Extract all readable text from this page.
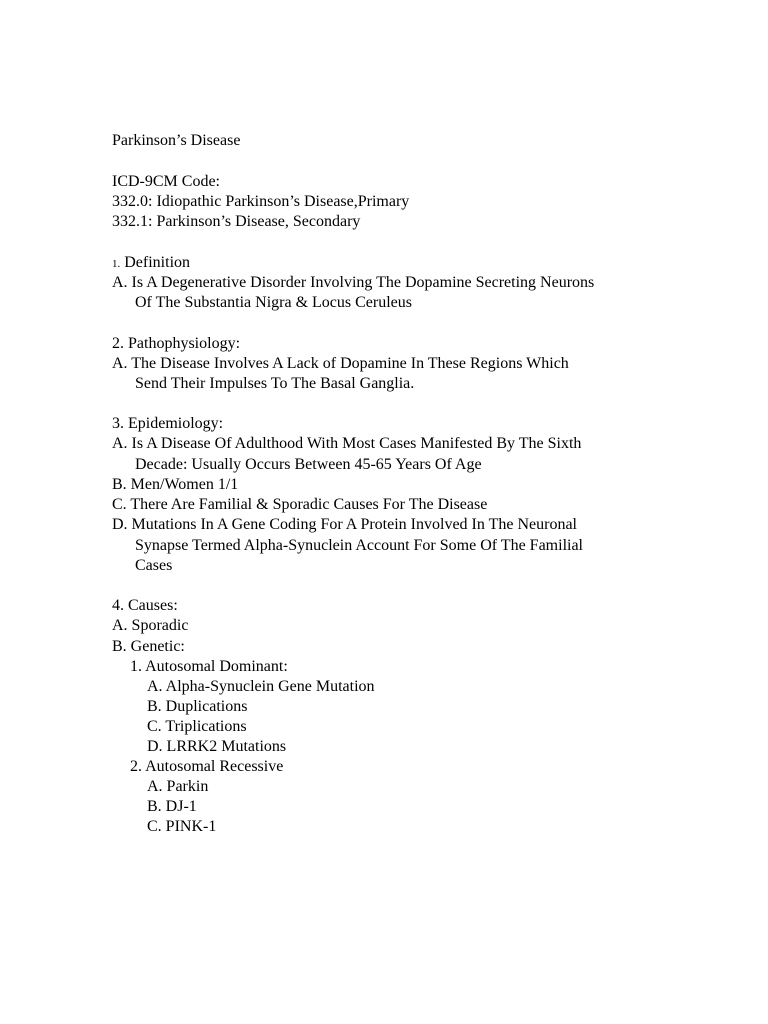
Parkinson’s Disease
ICD-9CM Code:
332.0: Idiopathic Parkinson’s Disease,Primary
332.1: Parkinson’s Disease, Secondary
1. Definition
A. Is A Degenerative Disorder Involving The Dopamine Secreting Neurons
Of The Substantia Nigra & Locus Ceruleus
2. Pathophysiology:
A. The Disease Involves A Lack of Dopamine In These Regions Which
Send Their Impulses To The Basal Ganglia.
3. Epidemiology:
A. Is A Disease Of Adulthood With Most Cases Manifested By The Sixth
Decade: Usually Occurs Between 45-65 Years Of Age
B. Men/Women 1/1
C. There Are Familial & Sporadic Causes For The Disease
D. Mutations In A Gene Coding For A Protein Involved In The Neuronal
Synapse Termed Alpha-Synuclein Account For Some Of The Familial
Cases
4. Causes:
A. Sporadic
B. Genetic:
1. Autosomal Dominant:
A. Alpha-Synuclein Gene Mutation
B. Duplications
C. Triplications
D. LRRK2 Mutations
2. Autosomal Recessive
A. Parkin
B. DJ-1
C. PINK-1
